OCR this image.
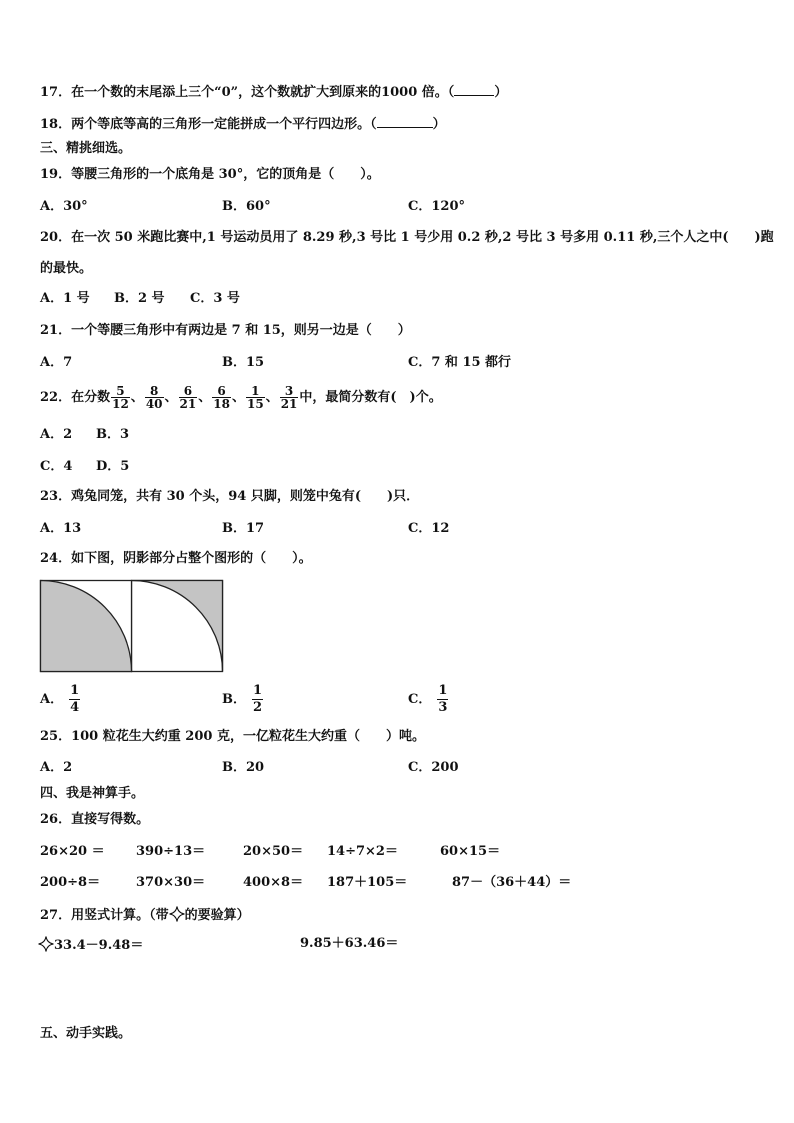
17．在一个数的末尾添上三个“0”，这个数就扩大到原来的1000 倍。（	）
18．两个等底等高的三角形一定能拼成一个平行四边形。（	）
三、精挑细选。
19．等腰三角形的一个底角是 30°，它的顶角是（　　）。
A．30°	B．60°	C．120°
20．在一次 50 米跑比赛中,1 号运动员用了 8.29 秒,3 号比 1 号少用 0.2 秒,2 号比 3 号多用 0.11 秒,三个人之中(　　)跑
的最快。
A．1 号 B．2 号 C．3 号
21．一个等腰三角形中有两边是 7 和 15，则另一边是（　　）
A．7	B．15	C．7 和 15 都行
22．在分数 $\frac{5}{12}$ 、 $\frac{8}{40}$ 、 $\frac{6}{21}$ 、 $\frac{6}{18}$ 、 $\frac{1}{15}$ 、 $\frac{3}{21}$ 中，最简分数有(　)个。
A．2 B．3
C．4 D．5
23．鸡兔同笼，共有 30 个头，94 只脚，则笼中兔有(　　)只．
A．13	B．17	C．12
24．如下图，阴影部分占整个图形的（　　）。
A． $\frac{1}{4}$	B． $\frac{1}{2}$	C． $\frac{1}{3}$
25．100 粒花生大约重 200 克，一亿粒花生大约重（　　）吨。
A．2	B．20	C．200
四、我是神算手。
26．直接写得数。
26×20 ＝ 390÷13＝	20×50＝ 14÷7×2＝	60×15＝
200÷8＝	370×30＝	400×8＝ 187＋105＝	87－（36＋44）＝
27．用竖式计算。（带 的要验算）
33.4－9.48＝	9.85＋63.46＝
五、动手实践。
